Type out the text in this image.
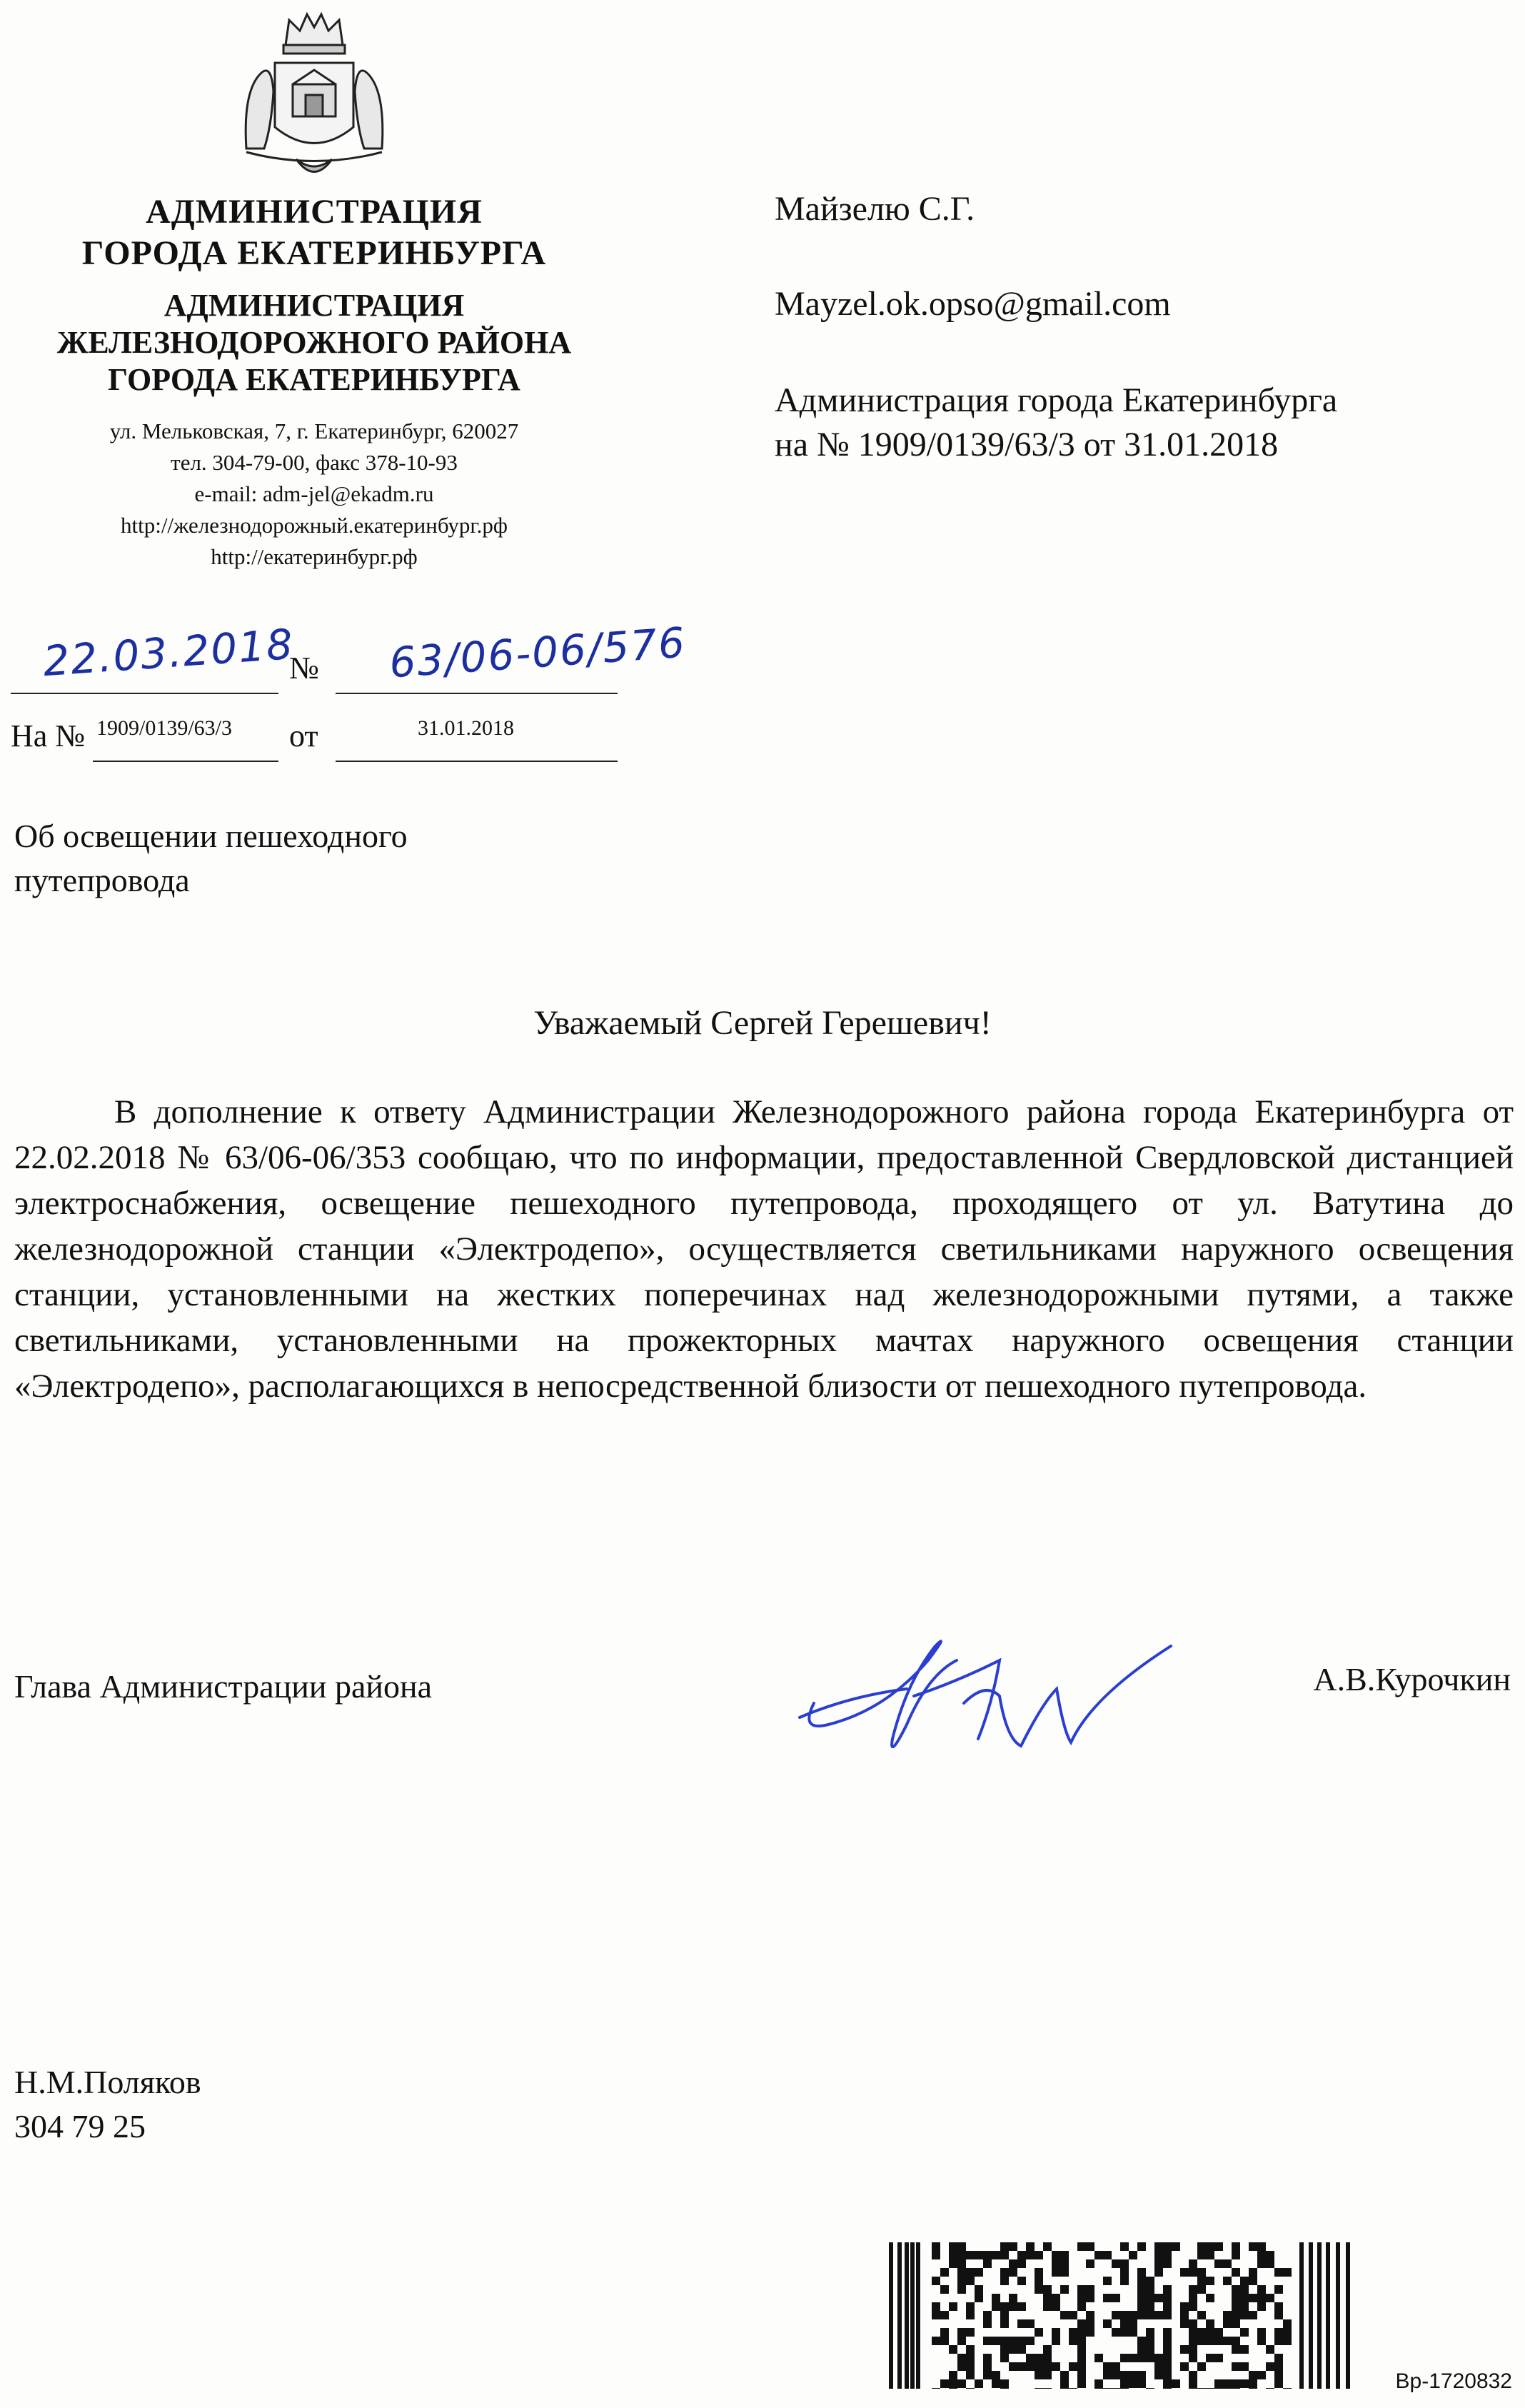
АДМИНИСТРАЦИЯ
ГОРОДА ЕКАТЕРИНБУРГА
АДМИНИСТРАЦИЯ
ЖЕЛЕЗНОДОРОЖНОГО РАЙОНА
ГОРОДА ЕКАТЕРИНБУРГА
ул. Мельковская, 7, г. Екатеринбург, 620027
тел. 304-79-00, факс 378-10-93
e-mail: adm-jel@ekadm.ru
http://железнодорожный.екатеринбург.рф
http://екатеринбург.рф
22.03.2018
№ 63/06-06/576
На № 1909/0139/63/3 от	31.01.2018
Майзелю С.Г.
Mayzel.ok.opso@gmail.com
Администрация города Екатеринбурга
на № 1909/0139/63/3 от 31.01.2018
Об освещении пешеходного
путепровода
Уважаемый Сергей Герешевич!
В дополнение к ответу Администрации Железнодорожного района города Екатеринбурга от 22.02.2018 № 63/06-06/353 сообщаю, что по информации, предоставленной Свердловской дистанцией электроснабжения, освещение пешеходного путепровода, проходящего от ул. Ватутина до железнодорожной станции «Электродепо», осуществляется светильниками наружного освещения станции, установленными на жестких поперечинах над железнодорожными путями, а также светильниками, установленными на прожекторных мачтах наружного освещения станции «Электродепо», располагающихся в непосредственной близости от пешеходного путепровода.
Глава Администрации района	А.В.Курочкин
Н.М.Поляков
304 79 25
Вр-1720832
